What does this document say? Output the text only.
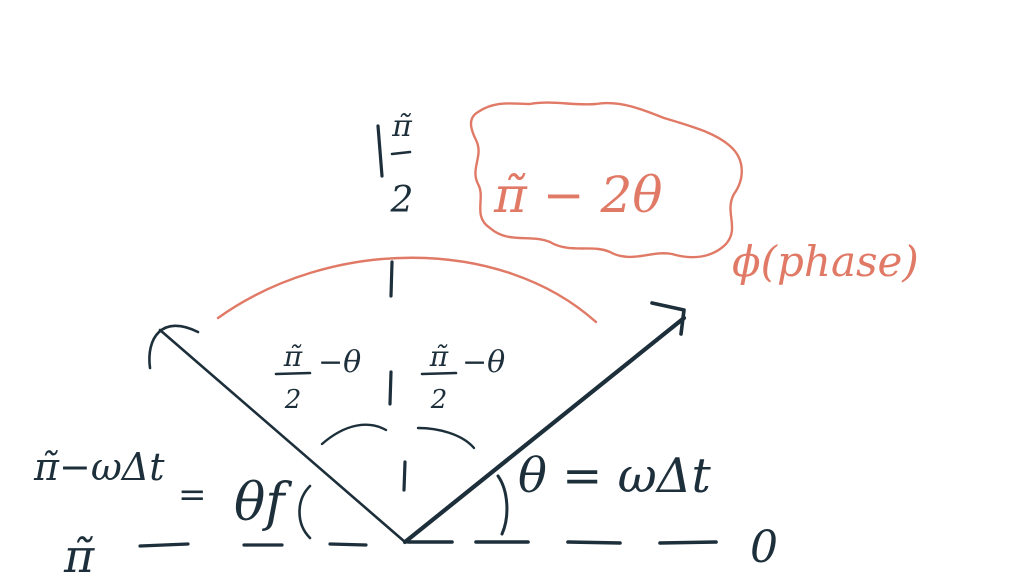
π̃
2
π̃
2
−θ π̃
2
−θ
π̃−ωΔt
= θf	θ = ωΔt
π̃	0
π̃ − 2θ
ϕ(phase)
